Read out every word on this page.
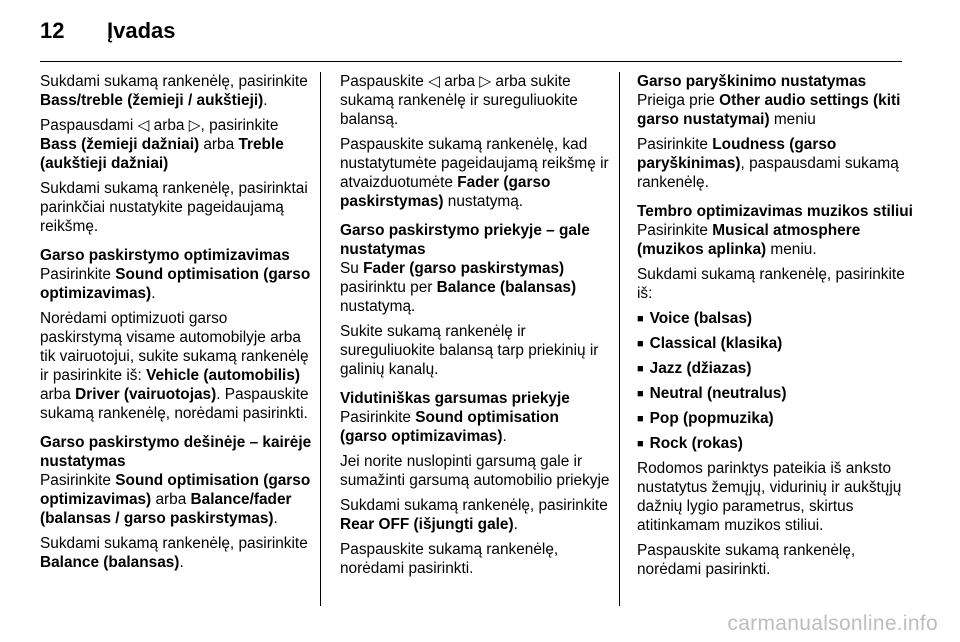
12 Įvadas

Sukdami sukamą rankenėlę, pasirinkite Bass/treble (žemieji / aukštieji).

Paspausdami ◁ arba ▷, pasirinkite Bass (žemieji dažniai) arba Treble (aukštieji dažniai)

Sukdami sukamą rankenėlę, pasirinktai parinkčiai nustatykite pageidaujamą reikšmę.

Garso paskirstymo optimizavimas

Pasirinkite Sound optimisation (garso optimizavimas).

Norėdami optimizuoti garso paskirstymą visame automobilyje arba tik vairuotojui, sukite sukamą rankenėlę ir pasirinkite iš: Vehicle (automobilis) arba Driver (vairuotojas). Paspauskite sukamą rankenėlę, norėdami pasirinkti.

Garso paskirstymo dešinėje – kairėje nustatymas

Pasirinkite Sound optimisation (garso optimizavimas) arba Balance/fader (balansas / garso paskirstymas).

Sukdami sukamą rankenėlę, pasirinkite Balance (balansas).

Paspauskite ◁ arba ▷ arba sukite sukamą rankenėlę ir sureguliuokite balansą.

Paspauskite sukamą rankenėlę, kad nustatytumėte pageidaujamą reikšmę ir atvaizduotumėte Fader (garso paskirstymas) nustatymą.

Garso paskirstymo priekyje – gale nustatymas

Su Fader (garso paskirstymas) pasirinktu per Balance (balansas) nustatymą.

Sukite sukamą rankenėlę ir sureguliuokite balansą tarp priekinių ir galinių kanalų.

Vidutiniškas garsumas priekyje

Pasirinkite Sound optimisation (garso optimizavimas).

Jei norite nuslopinti garsumą gale ir sumažinti garsumą automobilio priekyje

Sukdami sukamą rankenėlę, pasirinkite Rear OFF (išjungti gale).

Paspauskite sukamą rankenėlę, norėdami pasirinkti.

Garso paryškinimo nustatymas

Prieiga prie Other audio settings (kiti garso nustatymai) meniu

Pasirinkite Loudness (garso paryškinimas), paspausdami sukamą rankenėlę.

Tembro optimizavimas muzikos stiliui

Pasirinkite Musical atmosphere (muzikos aplinka) meniu.

Sukdami sukamą rankenėlę, pasirinkite iš:

■ Voice (balsas)
■ Classical (klasika)
■ Jazz (džiazas)
■ Neutral (neutralus)
■ Pop (popmuzika)
■ Rock (rokas)

Rodomos parinktys pateikia iš anksto nustatytus žemųjų, vidurinių ir aukštųjų dažnių lygio parametrus, skirtus atitinkamam muzikos stiliui.

Paspauskite sukamą rankenėlę, norėdami pasirinkti.

carmanualsonline.info
